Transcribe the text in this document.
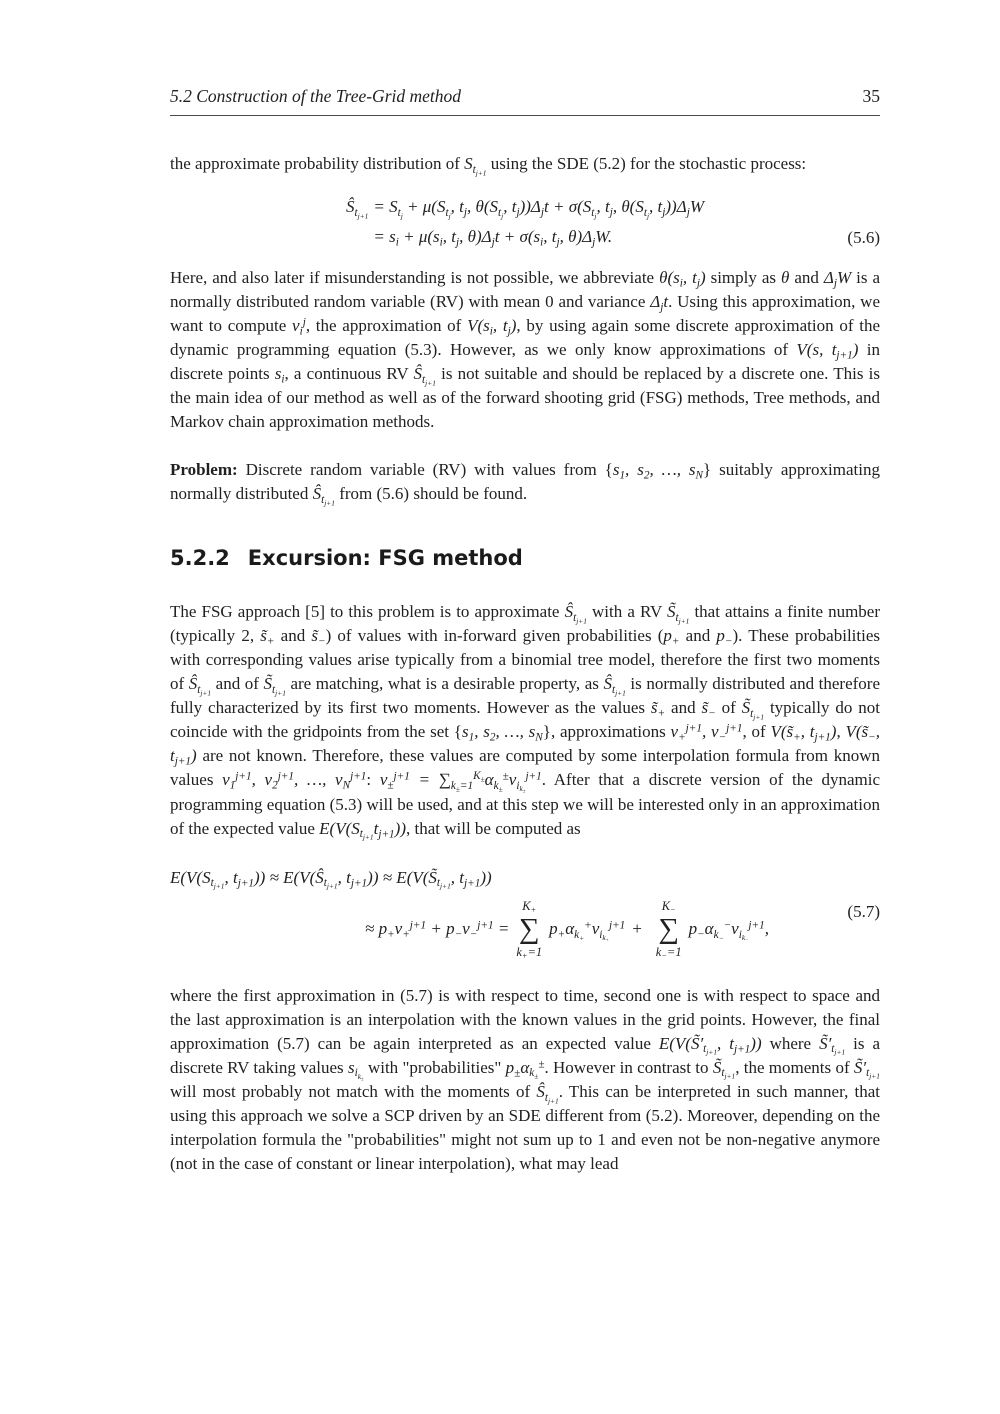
5.2 Construction of the Tree-Grid method	35

the approximate probability distribution of $S_{t_{j+1}}$ using the SDE (5.2) for the stochastic process:

$Ŝ_{t_{j+1}} = S_{t_j} + \mu(S_{t_j}$, $t_j$, $\theta(S_{t_j}$, $t_j))\Delta_jt + \sigma(S_{t_j}$, $t_j$, $\theta(S_{t_j}$, $t_j))\Delta_jW$
= $s_i + \mu(s_i$, $t_j$, $\theta)\Delta_jt + \sigma(s_i$, $t_j$, $\theta)\Delta_jW$.	(5.6)

Here, and also later if misunderstanding is not possible, we abbreviate $\theta(s_i$, $t_j$) simply as θ and $\Delta_jW$ is a normally distributed random variable (RV) with mean 0 and variance $\Delta_jt$. Using this approximation, we want to compute $v_i^j$, the approximation of $V(s_i$, $t_j$), by using again some discrete approximation of the dynamic programming equation (5.3). However, as we only know approximations of V(s, $t_{j+1}$) in discrete points $s_i$, a continuous RV $Ŝ_{t_{j+1}}$ is not suitable and should be replaced by a discrete one. This is the main idea of our method as well as of the forward shooting grid (FSG) methods, Tree methods, and Markov chain approximation methods.

Problem: Discrete random variable (RV) with values from {$s_1$, $s_2$, …, $s_N$} suitably approximating normally distributed $Ŝ_{t_{j+1}}$ from (5.6) should be found.

5.2.2 Excursion: FSG method

The FSG approach [5] to this problem is to approximate $Ŝ_{t_{j+1}}$ with a RV $S̃_{t_{j+1}}$ that attains a finite number (typically 2, $s̃_+$ and $s̃_-$) of values with in-forward given probabilities ($p_+$ and $p_-$). These probabilities with corresponding values arise typically from a binomial tree model, therefore the first two moments of $Ŝ_{t_{j+1}}$ and of $S̃_{t_{j+1}}$ are matching, what is a desirable property, as $Ŝ_{t_{j+1}}$ is normally distributed and therefore fully characterized by its first two moments. However as the values $s̃_+$ and $s̃_-$ of $S̃_{t_{j+1}}$ typically do not coincide with the gridpoints from the set {$s_1$, $s_2$, …, $s_N$}, approximations $v_+^{j+1}$, $v_-^{j+1}$, of $V(s̃_+$, $t_{j+1}$), $V(s̃_-$, $t_{j+1}$) are not known. Therefore, these values are computed by some interpolation formula from known values $v_1^{j+1}$, $v_2^{j+1}$, …, $v_N^{j+1}$: $v_\pm^{j+1} = \sum_{k_\pm=1}^{K_\pm}\alpha_{k_\pm}^\pm v_{i_{k_\pm}}^{j+1}$. After that a discrete version of the dynamic programming equation (5.3) will be used, and at this step we will be interested only in an approximation of the expected value $E(V(S_{t_{j+1}}t_{j+1}))$, that will be computed as

$E(V(S_{t_{j+1}}$, $t_{j+1}$)) ≈ $E(V(Ŝ_{t_{j+1}}$, $t_{j+1}$)) ≈ $E(V(S̃_{t_{j+1}}$, $t_{j+1}$))
≈ $p_+v_+^{j+1} + p_-v_-^{j+1}$ =
$K_+$
∑
$k_+=1$
$p_+\alpha_{k_+}^+v_{i_{k_+}}^{j+1}$ +
$K_-$
∑
$k_-=1$
$p_-\alpha_{k_-}^-v_{i_{k_-}}^{j+1}$,
(5.7)

where the first approximation in (5.7) is with respect to time, second one is with respect to space and the last approximation is an interpolation with the known values in the grid points. However, the final approximation (5.7) can be again interpreted as an expected value $E(V(S̃'_{t_{j+1}}$, $t_{j+1}$)) where $S̃'_{t_{j+1}}$ is a discrete RV taking values $s_{i_{k_\pm}}$ with "probabilities" $p_\pm\alpha_{k_\pm}^\pm$. However in contrast to $S̃_{t_{j+1}}$, the moments of $S̃'_{t_{j+1}}$ will most probably not match with the moments of $Ŝ_{t_{j+1}}$. This can be interpreted in such manner, that using this approach we solve a SCP driven by an SDE different from (5.2). Moreover, depending on the interpolation formula the "probabilities" might not sum up to 1 and even not be non-negative anymore (not in the case of constant or linear interpolation), what may lead
